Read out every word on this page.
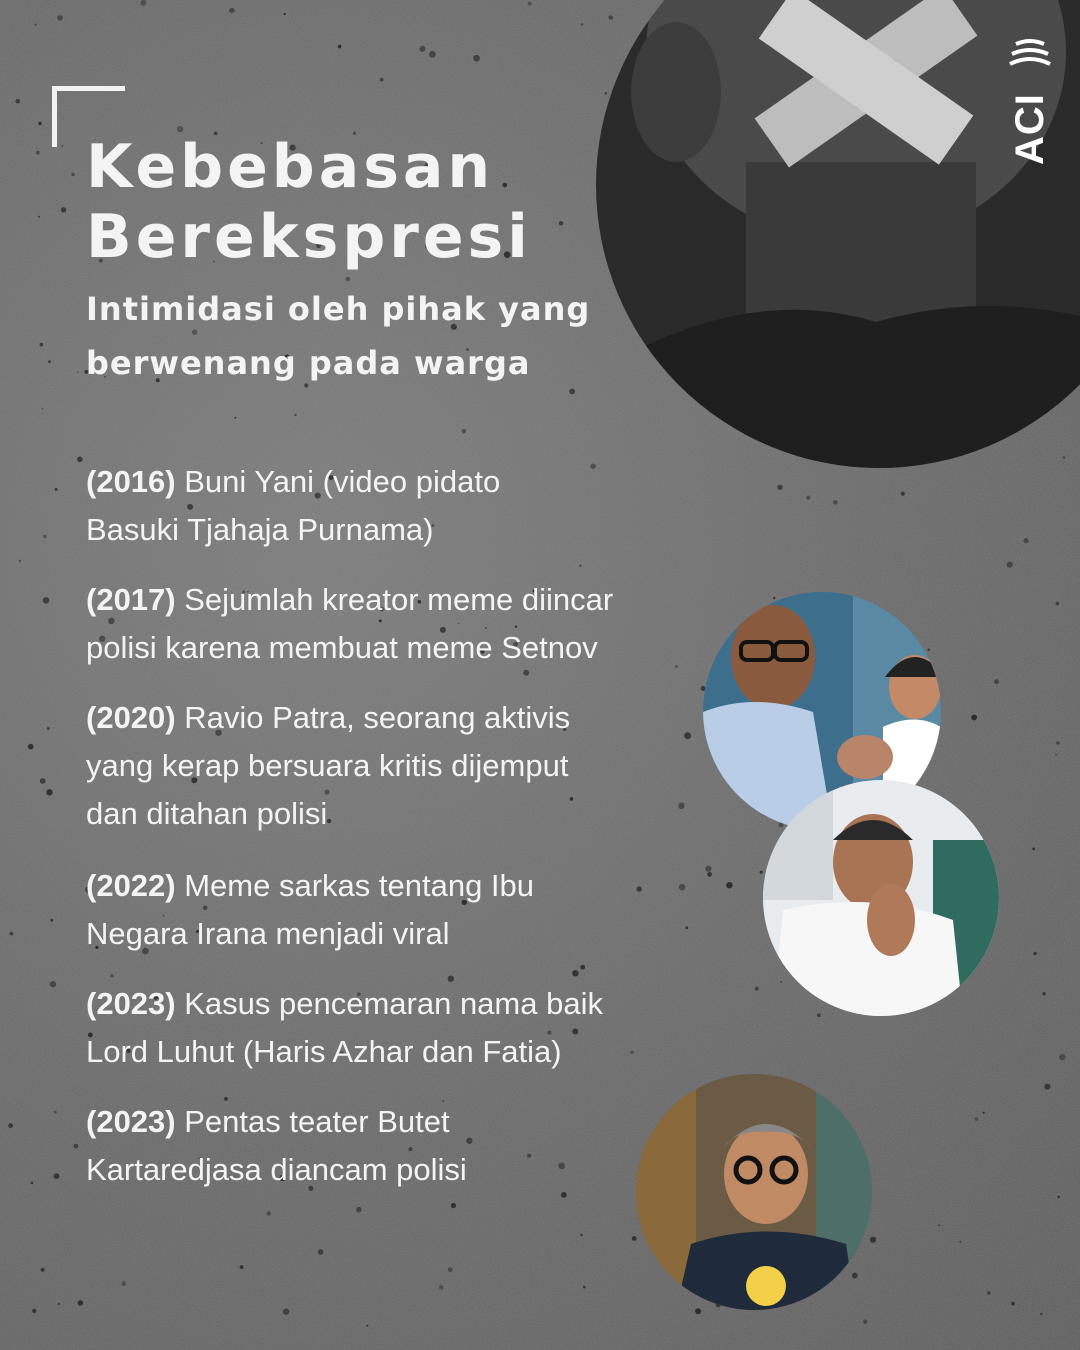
Kebebasan
Berekspresi
Intimidasi oleh pihak yang
berwenang pada warga
ACI

(2016) Buni Yani (video pidato
Basuki Tjahaja Purnama)

(2017) Sejumlah kreator meme diincar
polisi karena membuat meme Setnov

(2020) Ravio Patra, seorang aktivis
yang kerap bersuara kritis dijemput
dan ditahan polisi

(2022) Meme sarkas tentang Ibu
Negara Irana menjadi viral

(2023) Kasus pencemaran nama baik
Lord Luhut (Haris Azhar dan Fatia)

(2023) Pentas teater Butet
Kartaredjasa diancam polisi
